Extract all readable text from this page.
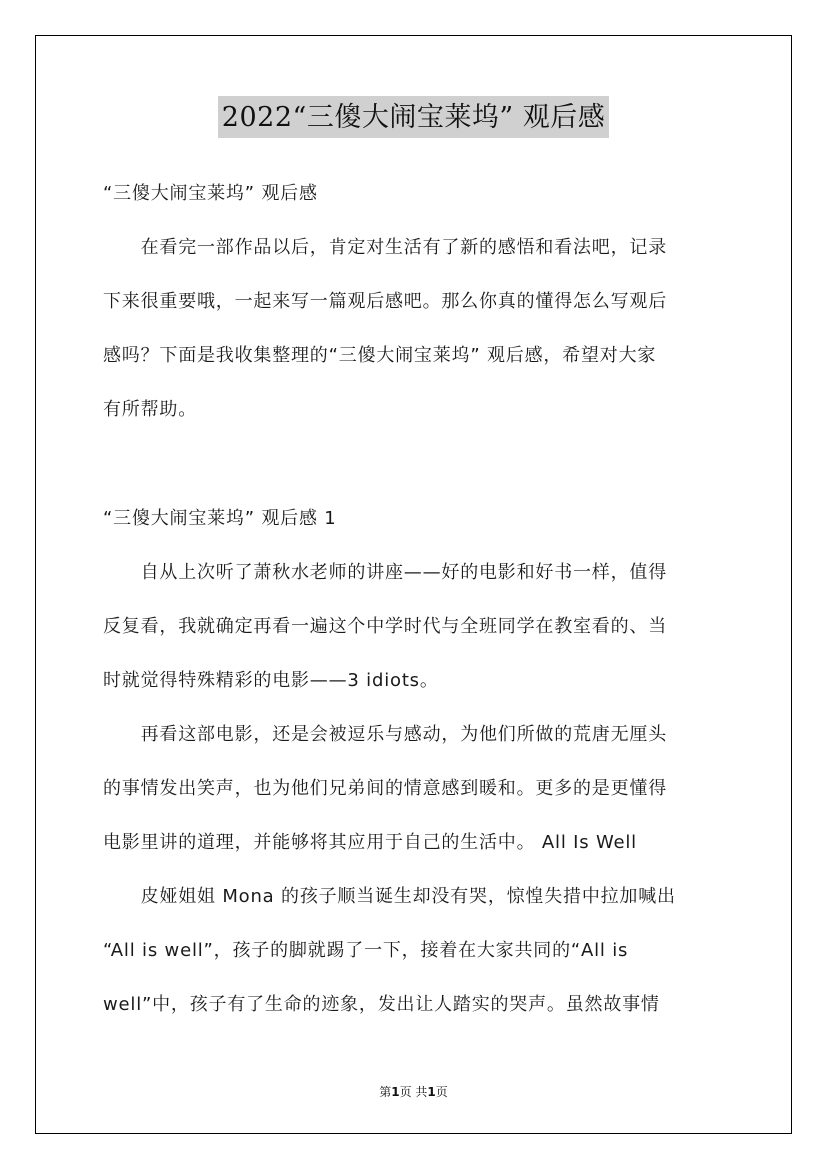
2022“三傻大闹宝莱坞” 观后感
“三傻大闹宝莱坞” 观后感
　　在看完一部作品以后，肯定对生活有了新的感悟和看法吧，记录
下来很重要哦，一起来写一篇观后感吧。那么你真的懂得怎么写观后
感吗？下面是我收集整理的“三傻大闹宝莱坞” 观后感，希望对大家
有所帮助。
“三傻大闹宝莱坞” 观后感 1
　　自从上次听了萧秋水老师的讲座——好的电影和好书一样，值得
反复看，我就确定再看一遍这个中学时代与全班同学在教室看的、当
时就觉得特殊精彩的电影——3 idiots。
　　再看这部电影，还是会被逗乐与感动，为他们所做的荒唐无厘头
的事情发出笑声，也为他们兄弟间的情意感到暖和。更多的是更懂得
电影里讲的道理，并能够将其应用于自己的生活中。 All Is Well
　　皮娅姐姐 Mona 的孩子顺当诞生却没有哭，惊惶失措中拉加喊出
“All is well”，孩子的脚就踢了一下，接着在大家共同的“All is
well”中，孩子有了生命的迹象，发出让人踏实的哭声。虽然故事情
第1页 共1页
